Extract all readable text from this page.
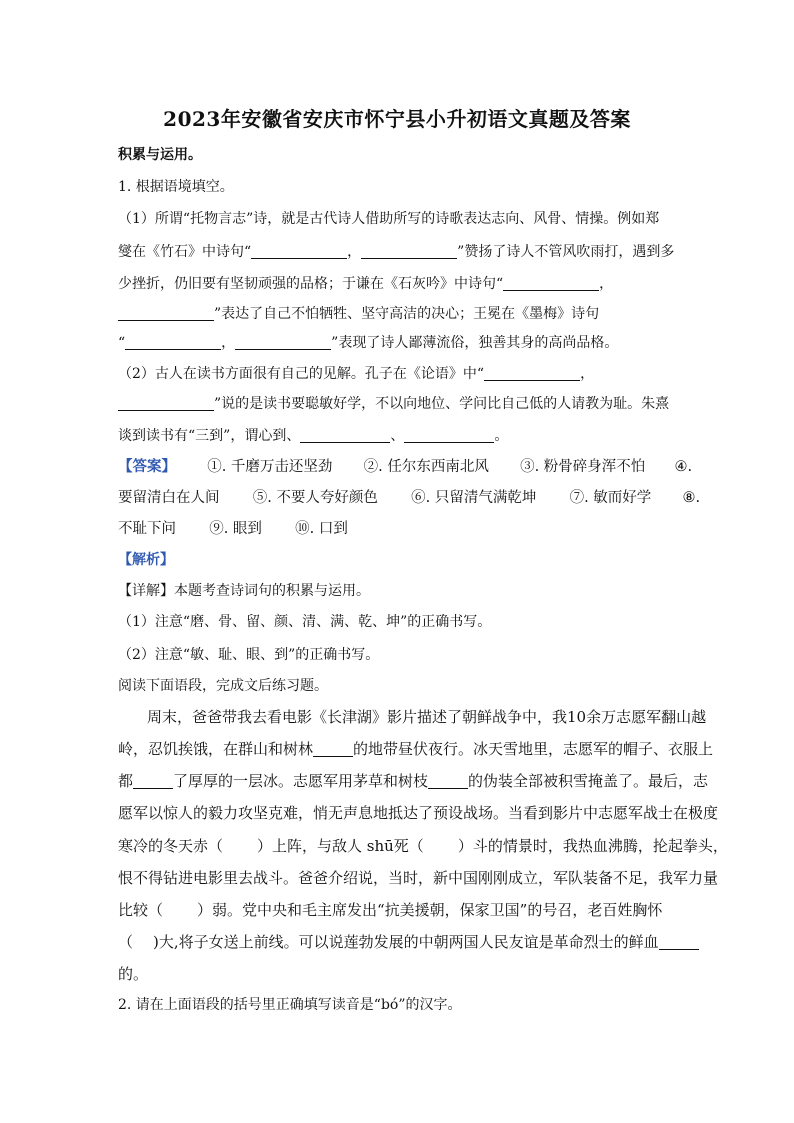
2023年安徽省安庆市怀宁县小升初语文真题及答案
积累与运用。
1. 根据语境填空。
（1）所谓“托物言志”诗，就是古代诗人借助所写的诗歌表达志向、风骨、情操。例如郑
燮在《竹石》中诗句“	，	”赞扬了诗人不管风吹雨打，遇到多
少挫折，仍旧要有坚韧顽强的品格；于谦在《石灰吟》中诗句“	，
”表达了自己不怕牺牲、坚守高洁的决心；王冕在《墨梅》诗句
“	，	”表现了诗人鄙薄流俗，独善其身的高尚品格。
（2）古人在读书方面很有自己的见解。孔子在《论语》中“	，
”说的是读书要聪敏好学，不以向地位、学问比自己低的人请教为耻。朱熹
谈到读书有“三到”，谓心到、	、	。
【答案】 ①. 千磨万击还坚劲 ②. 任尔东西南北风 ③. 粉骨碎身浑不怕 ④.
要留清白在人间 ⑤. 不要人夸好颜色 ⑥. 只留清气满乾坤 ⑦. 敏而好学 ⑧.
不耻下问 ⑨. 眼到 ⑩. 口到
【解析】
【详解】本题考查诗词句的积累与运用。
（1）注意“磨、骨、留、颜、清、满、乾、坤”的正确书写。
（2）注意“敏、耻、眼、到”的正确书写。
阅读下面语段，完成文后练习题。
周末，爸爸带我去看电影《长津湖》影片描述了朝鲜战争中，我10余万志愿军翻山越
岭，忍饥挨饿，在群山和树林	的地带昼伏夜行。冰天雪地里，志愿军的帽子、衣服上
都	了厚厚的一层冰。志愿军用茅草和树枝	的伪装全部被积雪掩盖了。最后，志
愿军以惊人的毅力攻坚克难，悄无声息地抵达了预设战场。当看到影片中志愿军战士在极度
寒冷的冬天赤（ ）上阵，与敌人 shū死（ ）斗的情景时，我热血沸腾，抡起拳头，
恨不得钻进电影里去战斗。爸爸介绍说，当时，新中国刚刚成立，军队装备不足，我军力量
比较（ ）弱。党中央和毛主席发出“抗美援朝，保家卫国”的号召，老百姓胸怀
（ )大,将子女送上前线。可以说莲勃发展的中朝两国人民友谊是革命烈士的鲜血
的。
2. 请在上面语段的括号里正确填写读音是“bó”的汉字。
